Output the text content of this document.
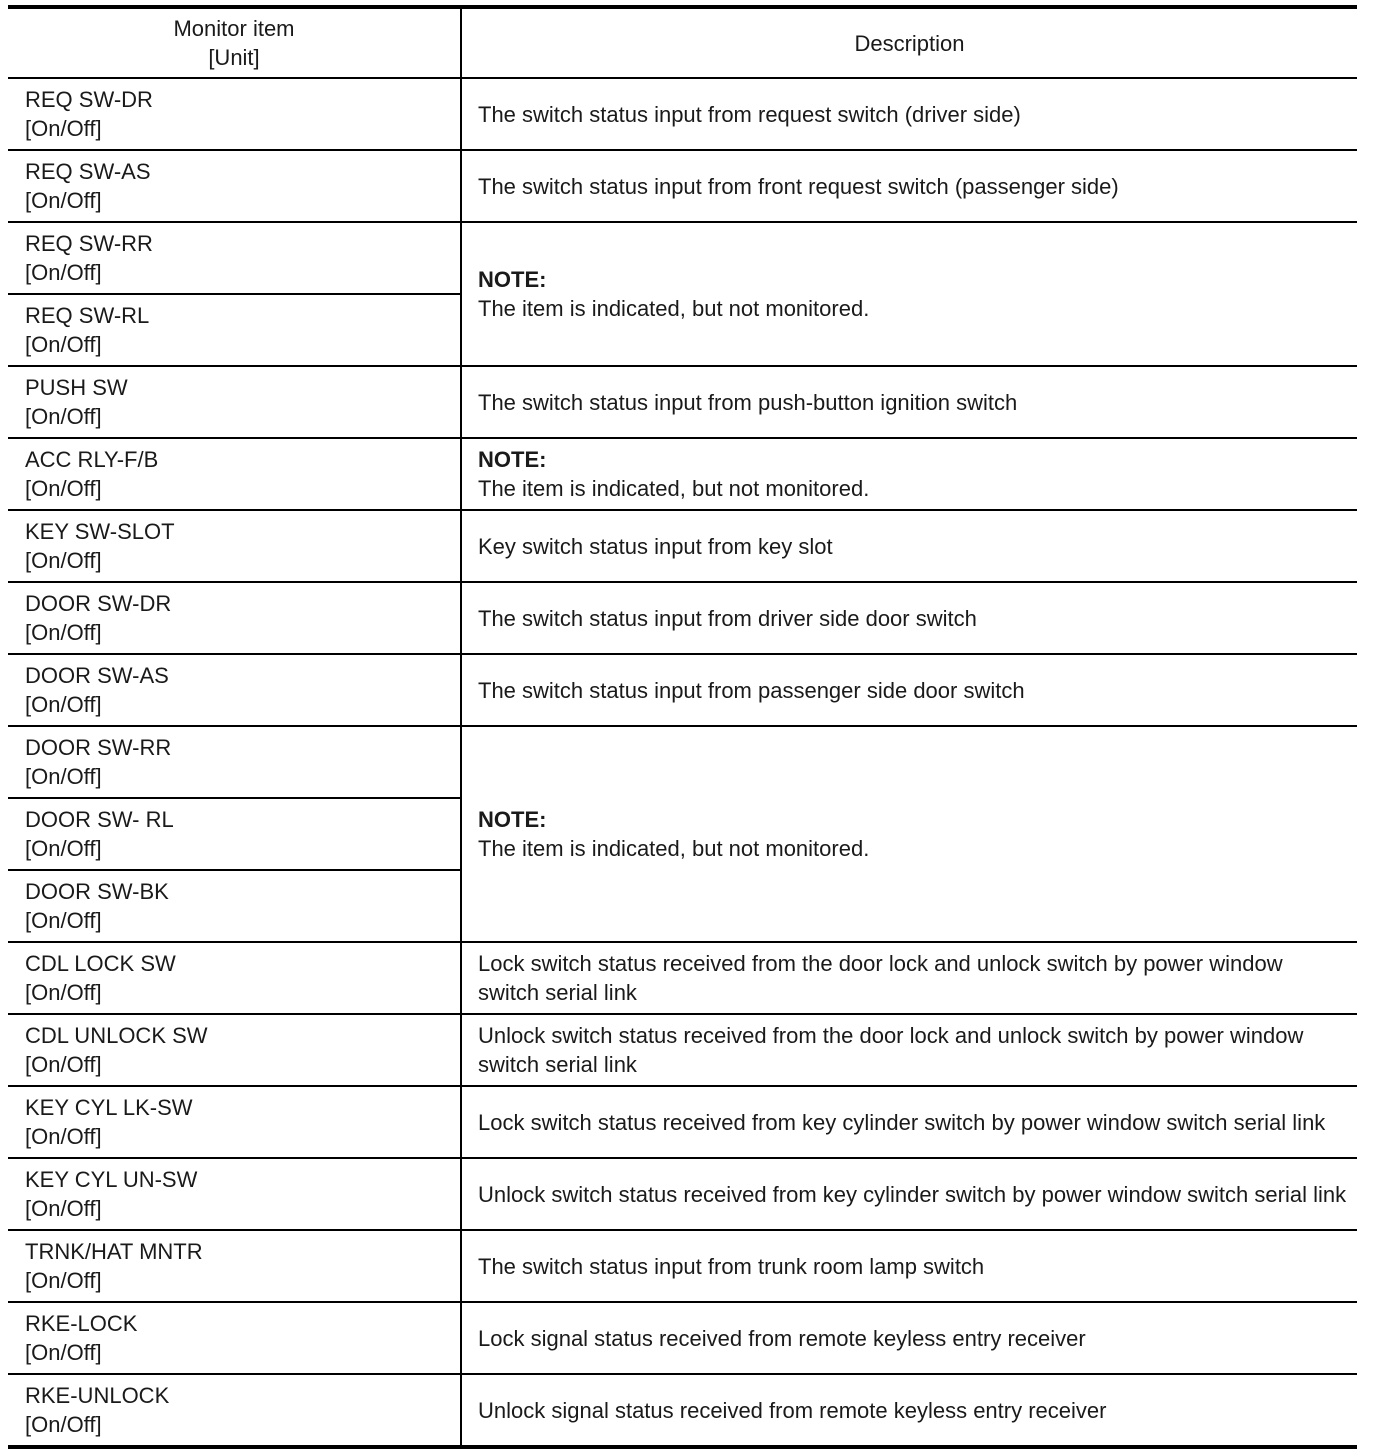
Monitor item
[Unit]	Description

REQ SW-DR
[On/Off]	The switch status input from request switch (driver side)

REQ SW-AS
[On/Off]	The switch status input from front request switch (passenger side)

REQ SW-RR
[On/Off]	NOTE:
The item is indicated, but not monitored.

REQ SW-RL
[On/Off]	

PUSH SW
[On/Off]	The switch status input from push-button ignition switch

ACC RLY-F/B
[On/Off]	NOTE:
The item is indicated, but not monitored.

KEY SW-SLOT
[On/Off]	Key switch status input from key slot

DOOR SW-DR
[On/Off]	The switch status input from driver side door switch

DOOR SW-AS
[On/Off]	The switch status input from passenger side door switch

DOOR SW-RR
[On/Off]	NOTE:
The item is indicated, but not monitored.

DOOR SW- RL
[On/Off]	

DOOR SW-BK
[On/Off]	

CDL LOCK SW
[On/Off]	Lock switch status received from the door lock and unlock switch by power window switch serial link

CDL UNLOCK SW
[On/Off]	Unlock switch status received from the door lock and unlock switch by power window switch serial link

KEY CYL LK-SW
[On/Off]	Lock switch status received from key cylinder switch by power window switch serial link

KEY CYL UN-SW
[On/Off]	Unlock switch status received from key cylinder switch by power window switch serial link

TRNK/HAT MNTR
[On/Off]	The switch status input from trunk room lamp switch

RKE-LOCK
[On/Off]	Lock signal status received from remote keyless entry receiver

RKE-UNLOCK
[On/Off]	Unlock signal status received from remote keyless entry receiver
